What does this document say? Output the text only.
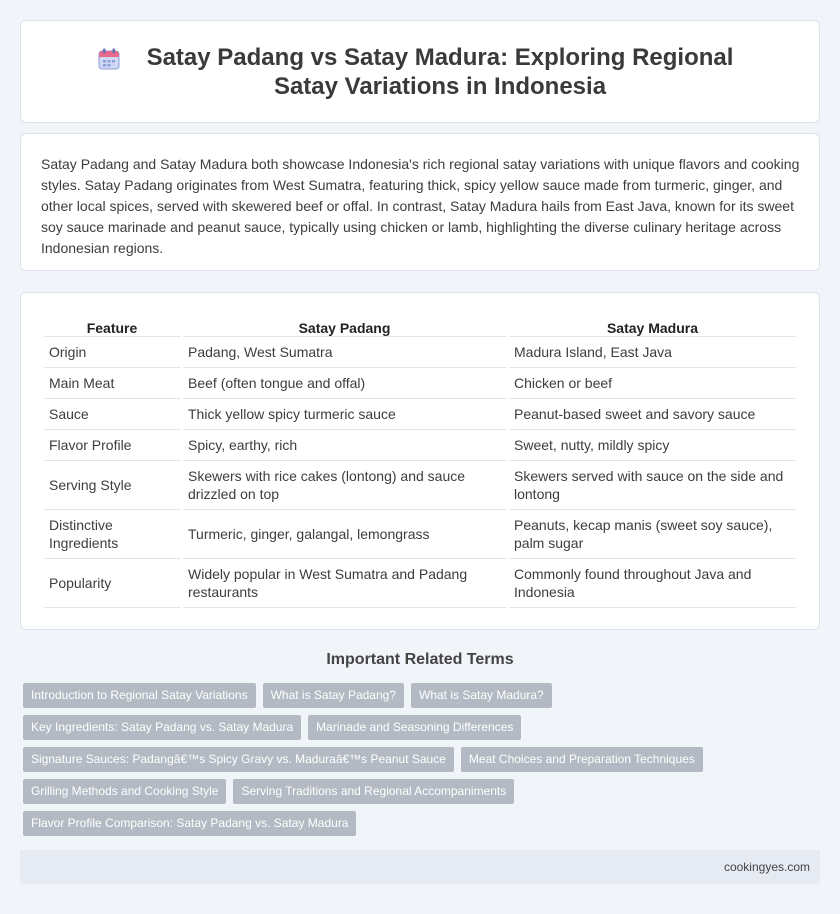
Satay Padang vs Satay Madura: Exploring Regional Satay Variations in Indonesia

Satay Padang and Satay Madura both showcase Indonesia's rich regional satay variations with unique flavors and cooking styles. Satay Padang originates from West Sumatra, featuring thick, spicy yellow sauce made from turmeric, ginger, and other local spices, served with skewered beef or offal. In contrast, Satay Madura hails from East Java, known for its sweet soy sauce marinade and peanut sauce, typically using chicken or lamb, highlighting the diverse culinary heritage across Indonesian regions.

Feature	Satay Padang	Satay Madura
Origin	Padang, West Sumatra	Madura Island, East Java
Main Meat	Beef (often tongue and offal)	Chicken or beef
Sauce	Thick yellow spicy turmeric sauce	Peanut-based sweet and savory sauce
Flavor Profile	Spicy, earthy, rich	Sweet, nutty, mildly spicy
Serving Style	Skewers with rice cakes (lontong) and sauce drizzled on top	Skewers served with sauce on the side and lontong
Distinctive Ingredients	Turmeric, ginger, galangal, lemongrass	Peanuts, kecap manis (sweet soy sauce), palm sugar
Popularity	Widely popular in West Sumatra and Padang restaurants	Commonly found throughout Java and Indonesia
Important Related Terms
Introduction to Regional Satay Variations	What is Satay Padang?	What is Satay Madura?
Key Ingredients: Satay Padang vs. Satay Madura	Marinade and Seasoning Differences
Signature Sauces: Padangâ€™s Spicy Gravy vs. Maduraâ€™s Peanut Sauce	Meat Choices and Preparation Techniques
Grilling Methods and Cooking Style	Serving Traditions and Regional Accompaniments
Flavor Profile Comparison: Satay Padang vs. Satay Madura
cookingyes.com
